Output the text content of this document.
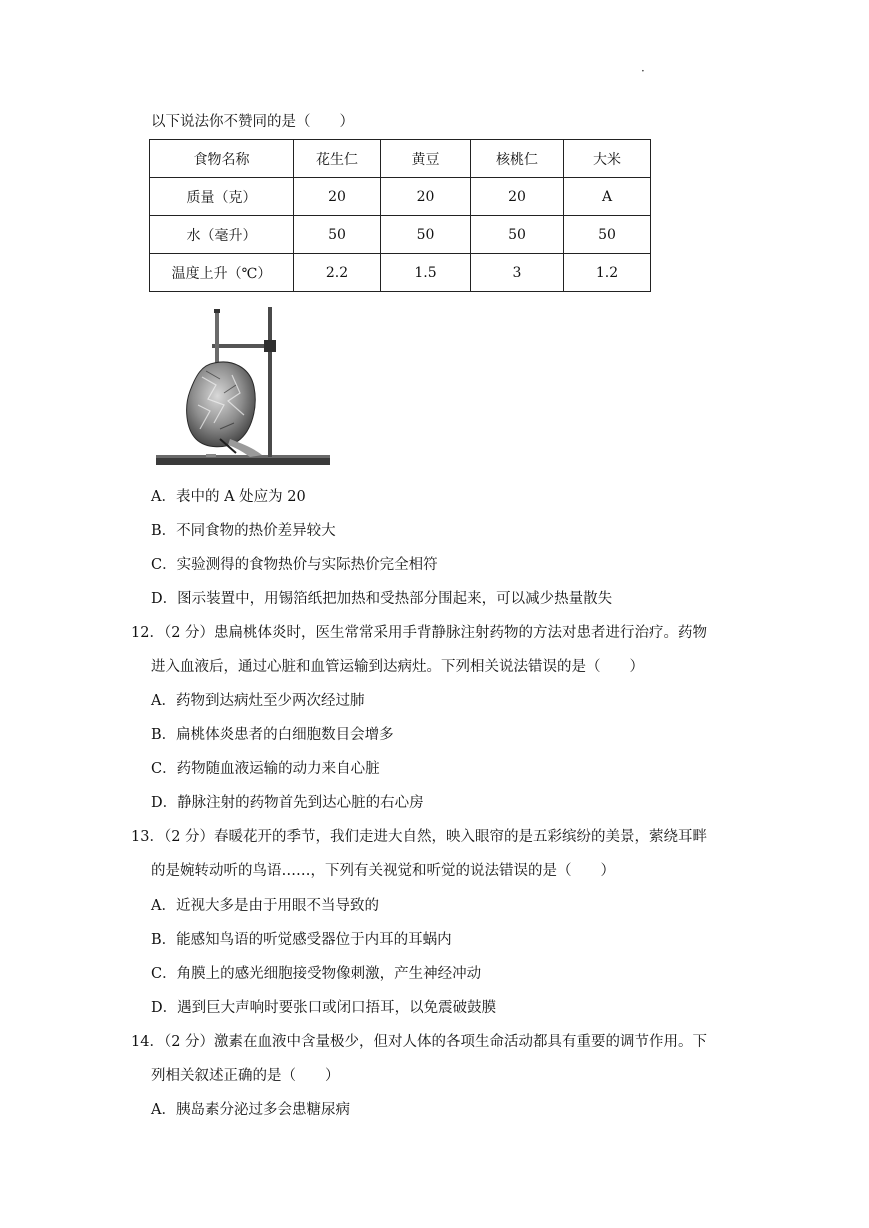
·
以下说法你不赞同的是（　　）
食物名称	花生仁	黄豆	核桃仁	大米
质量（克）	20	20	20	A
水（毫升）	50	50	50	50
温度上升（℃）	2.2	1.5	3	1.2
A．表中的 A 处应为 20
B．不同食物的热价差异较大
C．实验测得的食物热价与实际热价完全相符
D．图示装置中，用锡箔纸把加热和受热部分围起来，可以减少热量散失
12．（2 分）患扁桃体炎时，医生常常采用手背静脉注射药物的方法对患者进行治疗。药物
进入血液后，通过心脏和血管运输到达病灶。下列相关说法错误的是（　　）
A．药物到达病灶至少两次经过肺
B．扁桃体炎患者的白细胞数目会增多
C．药物随血液运输的动力来自心脏
D．静脉注射的药物首先到达心脏的右心房
13．（2 分）春暖花开的季节，我们走进大自然，映入眼帘的是五彩缤纷的美景，萦绕耳畔
的是婉转动听的鸟语……，下列有关视觉和听觉的说法错误的是（　　）
A．近视大多是由于用眼不当导致的
B．能感知鸟语的听觉感受器位于内耳的耳蜗内
C．角膜上的感光细胞接受物像刺激，产生神经冲动
D．遇到巨大声响时要张口或闭口捂耳，以免震破鼓膜
14．（2 分）激素在血液中含量极少，但对人体的各项生命活动都具有重要的调节作用。下
列相关叙述正确的是（　　）
A．胰岛素分泌过多会患糖尿病
